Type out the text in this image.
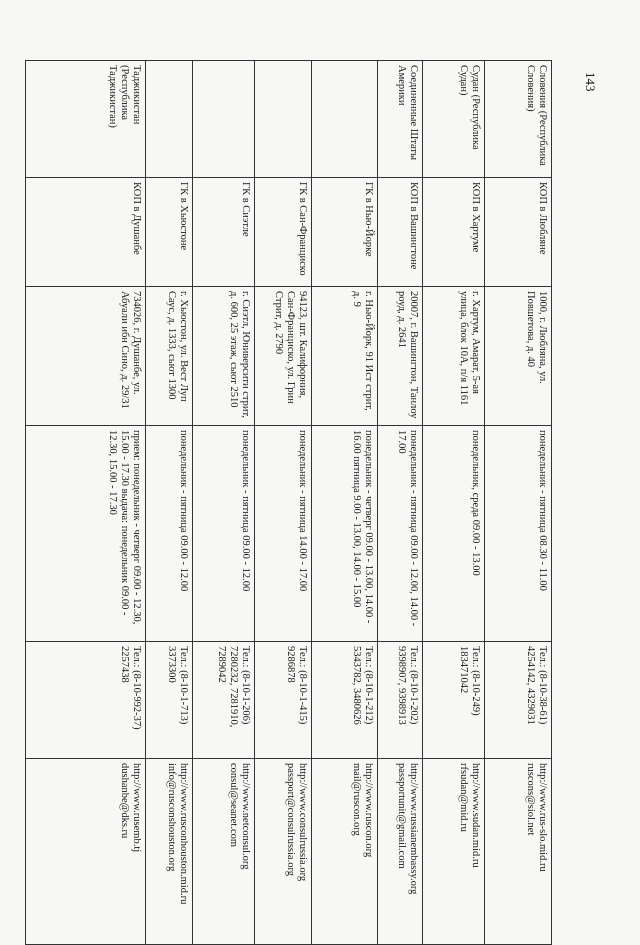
143
Словения (Республика Словения)	КОП в Любляне	1000, г. Любляна, ул. Повшетова, д. 40	понедельник - пятница 08.30 - 11.00	Тел.: (8-10-38-61) 4254142, 4329031	http://www.rus-slo.mid.ru
ruscons@siol.net

Судан (Республика Судан)	КОП в Хартуме	г. Хартум, Амарат, 5-ая улица, блок 10А, п/я 1161	понедельник, среда 09.00 - 13.00	Тел.: (8-10-249) 183471042	http://www.sudan.mid.ru
rfsudan@mid.ru

Соединенные Штаты Америки	КОП в Вашингтоне	20007, г. Вашингтон, Танлоу роуд, д. 2641	понедельник - пятница 09.00 - 12.00, 14.00 - 17.00	Тел.: (8-10-1-202) 9398907, 9398913	http://www.russianembassy.org
passportunit@gmail.com

	ГК в Нью-Йорке	г. Нью-Йорк, 91 Ист стрит, д. 9	понедельник - четверг 09.00 - 13.00, 14.00 - 16.00 пятница 9.00 - 13.00, 14.00 - 15.00	Тел.: (8-10-1-212) 5343782, 3480626	http://www.ruscon.org
mail@ruscon.org

	ГК в Сан-Франциско	94123, шт. Калифорния, Сан-Франциско, ул. Грин Стрит, д. 2790	понедельник - пятница 14.00 - 17.00	Тел.: (8-10-1-415) 9286878	http://www.consulrussia.org
passport@consulrussia.org

	ГК в Сиэтле	г. Сиэтл, Юниверсити стрит, д. 600, 25 этаж, сьют 2510	понедельник - пятница 09.00 - 12.00	Тел.: (8-10-1-206) 7280232, 7281910, 7289042	http://www.netconsul.org
consul@seanet.com

	ГК в Хьюстоне	г. Хьюстон, ул. Вест Луп Саус, д. 1333, сьют 1300	понедельник - пятница 09.00 - 12.00	Тел.: (8-10-1-713) 3373300	http://www.rusconhouston.mid.ru
info@rusconshouston.org

Таджикистан (Республика Таджикистан)	КОП в Душанбе	734026, г. Душанбе, ул. Абуали ибн Сино, д. 29/31	прием: понедельник - четверг 09.00 - 12.30, 15.00 - 17.30 выдача: понедельник 09.00 - 12.30, 15.00 - 17.30	Тел.: (8-10-992-37) 2257438	http://www.rusemb.tj
dushanbe@dks.ru
